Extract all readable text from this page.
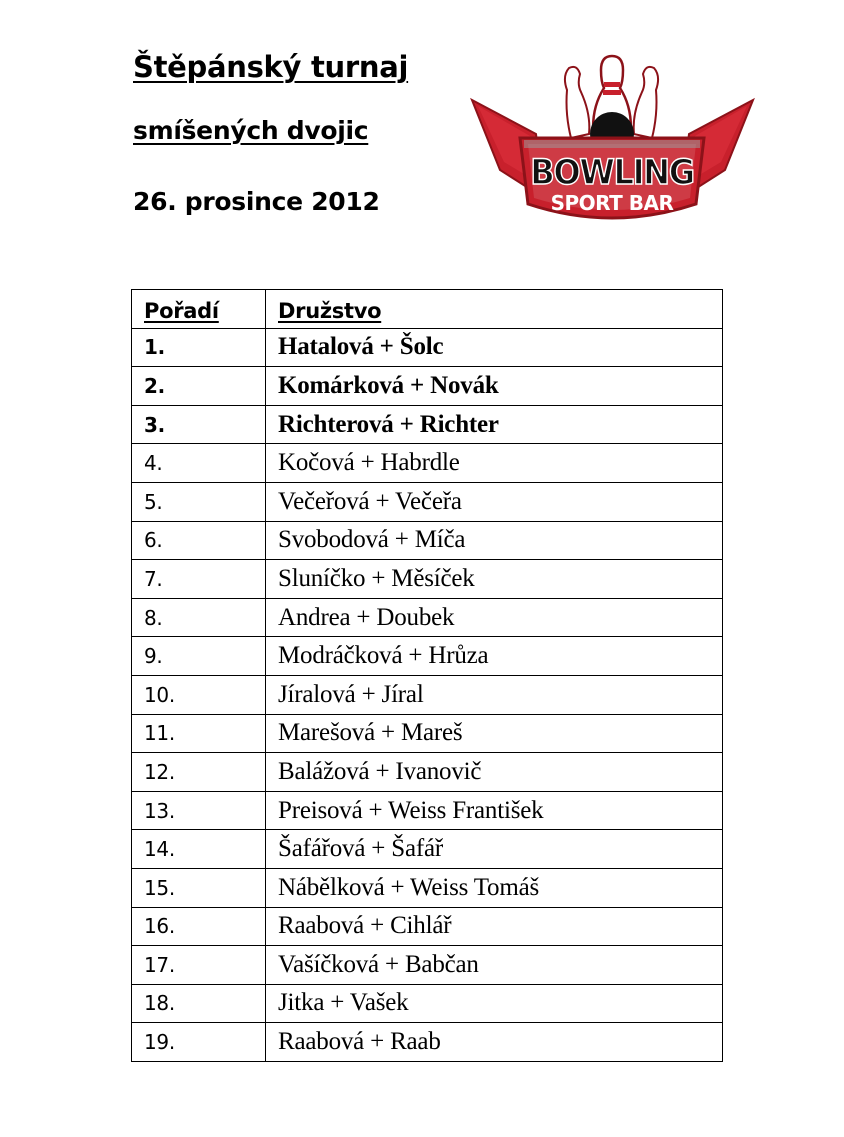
Štěpánský turnaj
smíšených dvojic
26. prosince 2012
BOWLING
SPORT BAR
Pořadí	Družstvo
1.	Hatalová + Šolc
2.	Komárková + Novák
3.	Richterová + Richter
4.	Kočová + Habrdle
5.	Večeřová + Večeřa
6.	Svobodová + Míča
7.	Sluníčko + Měsíček
8.	Andrea + Doubek
9.	Modráčková + Hrůza
10.	Jíralová + Jíral
11.	Marešová + Mareš
12.	Balážová + Ivanovič
13.	Preisová + Weiss František
14.	Šafářová + Šafář
15.	Nábělková + Weiss Tomáš
16.	Raabová + Cihlář
17.	Vašíčková + Babčan
18.	Jitka + Vašek
19.	Raabová + Raab
